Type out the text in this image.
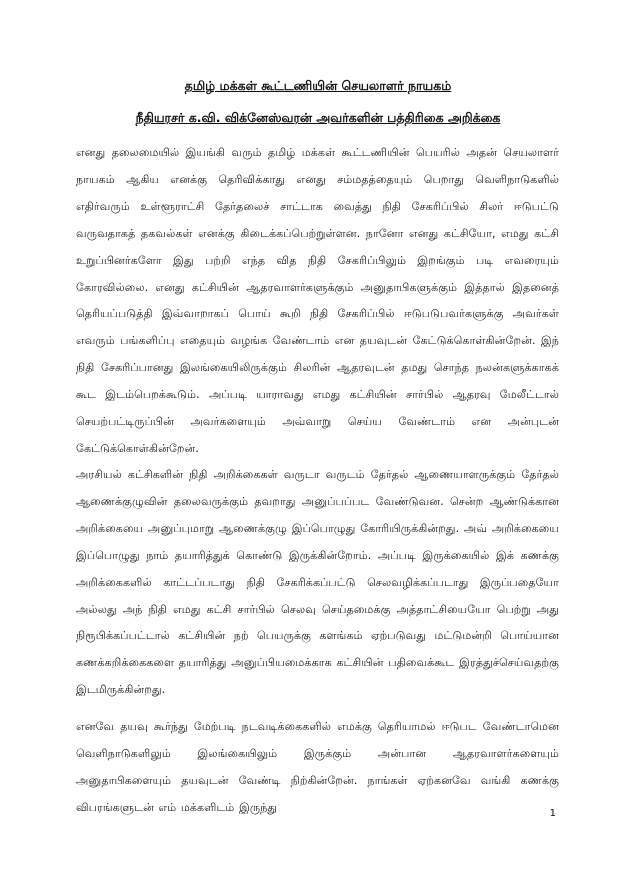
தமிழ் மக்கள் கூட்டணியின் செயலாளர் நாயகம்
நீதியரசர் க.வி. விக்னேஸ்வரன் அவர்களின் பத்திரிகை அறிக்கை

எனது தலைமையில் இயங்கி வரும் தமிழ் மக்கள் கூட்டணியின் பெயரில் அதன் செயலாளர் நாயகம் ஆகிய எனக்கு தெரிவிக்காது எனது சம்மதத்தையும் பெறாது வெளிநாடுகளில் எதிர்வரும் உள்ளூராட்சி தேர்தலைச் சாட்டாக வைத்து நிதி சேகரிப்பில் சிலர் ஈடுபட்டு வருவதாகத் தகவல்கள் எனக்கு கிடைக்கப்பெற்றுள்ளன. நானோ எனது கட்சியோ, எமது கட்சி உறுப்பினர்களோ இது பற்றி எந்த வித நிதி சேகரிப்பிலும் இறங்கும் படி எவரையும் கோரவில்லை. எனது கட்சியின் ஆதரவாளர்களுக்கும் அனுதாபிகளுக்கும் இத்தால் இதனைத் தெரியப்படுத்தி இவ்வாறாகப் பொய் கூறி நிதி சேகரிப்பில் ஈடுபடுபவர்களுக்கு அவர்கள் எவரும் பங்களிப்பு எதையும் வழங்க வேண்டாம் என தயவுடன் கேட்டுக்கொள்கின்றேன். இந் நிதி சேகரிப்பானது இலங்கையிலிருக்கும் சிலரின் ஆதரவுடன் தமது சொந்த நலன்களுக்காகக் கூட இடம்பெறக்கூடும். அப்படி யாராவது எமது கட்சியின் சார்பில் ஆதரவு மேலீட்டால் செயற்பட்டிருப்பின் அவர்களையும் அவ்வாறு செய்ய வேண்டாம் என அன்புடன் கேட்டுக்கொள்கின்றேன்.

அரசியல் கட்சிகளின் நிதி அறிக்கைகள் வருடா வருடம் தேர்தல் ஆணையாளருக்கும் தேர்தல் ஆணைக்குழுவின் தலைவருக்கும் தவறாது அனுப்பப்பட வேண்டுவன. சென்ற ஆண்டுக்கான அறிக்கையை அனுப்புமாறு ஆணைக்குழு இப்பொழுது கோரியிருக்கின்றது. அவ் அறிக்கையை இப்பொழுது நாம் தயாரித்துக் கொண்டு இருக்கின்றோம். அப்படி இருக்கையில் இக் கணக்கு அறிக்கைகளில் காட்டப்படாது நிதி சேகரிக்கப்பட்டு செலவழிக்கப்படாது இருப்பதையோ அல்லது அந் நிதி எமது கட்சி சார்பில் செலவு செய்தமைக்கு அத்தாட்சியையோ பெற்று அது நிரூபிக்கப்பட்டால் கட்சியின் நற் பெயருக்கு களங்கம் ஏற்படுவது மட்டுமன்றி பொய்யான கணக்கறிக்கைகளை தயாரித்து அனுப்பியமைக்காக கட்சியின் பதிவைக்கூட இரத்துச்செய்வதற்கு இடமிருக்கின்றது.

எனவே தயவு கூர்ந்து மேற்படி நடவடிக்கைகளில் எமக்கு தெரியாமல் ஈடுபட வேண்டாமென வெளிநாடுகளிலும் இலங்கையிலும் இருக்கும் அன்பான ஆதரவாளர்களையும் அனுதாபிகளையும் தயவுடன் வேண்டி நிற்கின்றேன். நாங்கள் ஏற்கனவே வங்கி கணக்கு விபரங்களுடன் எம் மக்களிடம் இருந்து	1
